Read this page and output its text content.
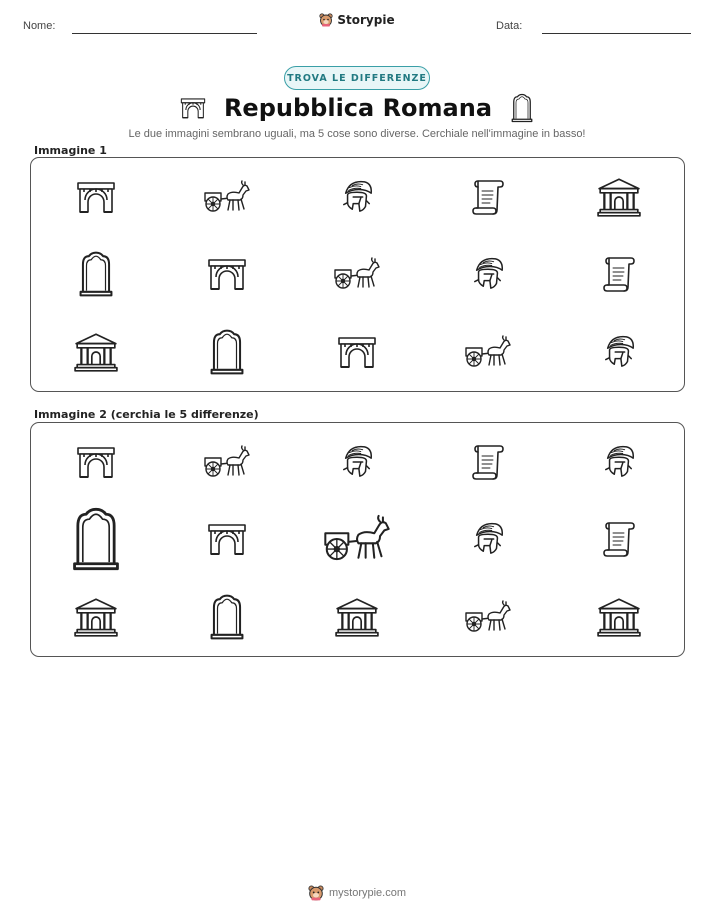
Nome:	Storypie	Data:
TROVA LE DIFFERENZE
Repubblica Romana
Le due immagini sembrano uguali, ma 5 cose sono diverse. Cerchiale nell'immagine in basso!
Immagine 1
Immagine 2 (cerchia le 5 differenze)
mystorypie.com
